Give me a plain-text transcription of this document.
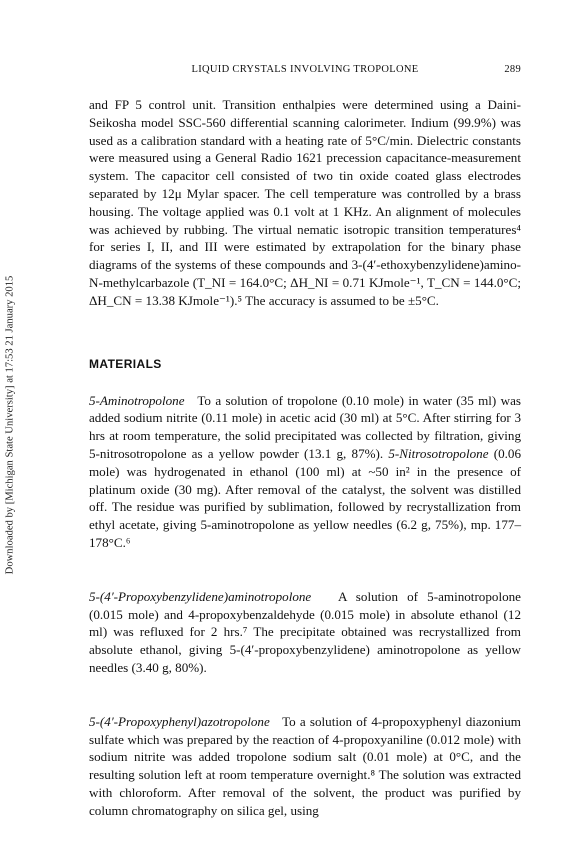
Downloaded by [Michigan State University] at 17:53 21 January 2015
LIQUID CRYSTALS INVOLVING TROPOLONE	289

and FP 5 control unit. Transition enthalpies were determined using a Daini-Seikosha model SSC-560 differential scanning calorimeter. Indium (99.9%) was used as a calibration standard with a heating rate of 5°C/min. Dielectric constants were measured using a General Radio 1621 precession capacitance-measurement system. The capacitor cell consisted of two tin oxide coated glass electrodes separated by 12μ Mylar spacer. The cell temperature was controlled by a brass housing. The voltage applied was 0.1 volt at 1 KHz. An alignment of molecules was achieved by rubbing. The virtual nematic isotropic transition temperatures⁴ for series I, II, and III were estimated by extrapolation for the binary phase diagrams of the systems of these compounds and 3-(4′-ethoxybenzylidene)amino-N-methylcarbazole (T_NI = 164.0°C; ΔH_NI = 0.71 KJmole⁻¹, T_CN = 144.0°C; ΔH_CN = 13.38 KJmole⁻¹).⁵ The accuracy is assumed to be ±5°C.

MATERIALS

5-Aminotropolone To a solution of tropolone (0.10 mole) in water (35 ml) was added sodium nitrite (0.11 mole) in acetic acid (30 ml) at 5°C. After stirring for 3 hrs at room temperature, the solid precipitated was collected by filtration, giving 5-nitrosotropolone as a yellow powder (13.1 g, 87%). 5-Nitrosotropolone (0.06 mole) was hydrogenated in ethanol (100 ml) at ~50 in² in the presence of platinum oxide (30 mg). After removal of the catalyst, the solvent was distilled off. The residue was purified by sublimation, followed by recrystallization from ethyl acetate, giving 5-aminotropolone as yellow needles (6.2 g, 75%), mp. 177–178°C.⁶

5-(4′-Propoxybenzylidene)aminotropolone A solution of 5-aminotropolone (0.015 mole) and 4-propoxybenzaldehyde (0.015 mole) in absolute ethanol (12 ml) was refluxed for 2 hrs.⁷ The precipitate obtained was recrystallized from absolute ethanol, giving 5-(4′-propoxybenzylidene) aminotropolone as yellow needles (3.40 g, 80%).

5-(4′-Propoxyphenyl)azotropolone To a solution of 4-propoxyphenyl diazonium sulfate which was prepared by the reaction of 4-propoxyaniline (0.012 mole) with sodium nitrite was added tropolone sodium salt (0.01 mole) at 0°C, and the resulting solution left at room temperature overnight.⁸ The solution was extracted with chloroform. After removal of the solvent, the product was purified by column chromatography on silica gel, using
